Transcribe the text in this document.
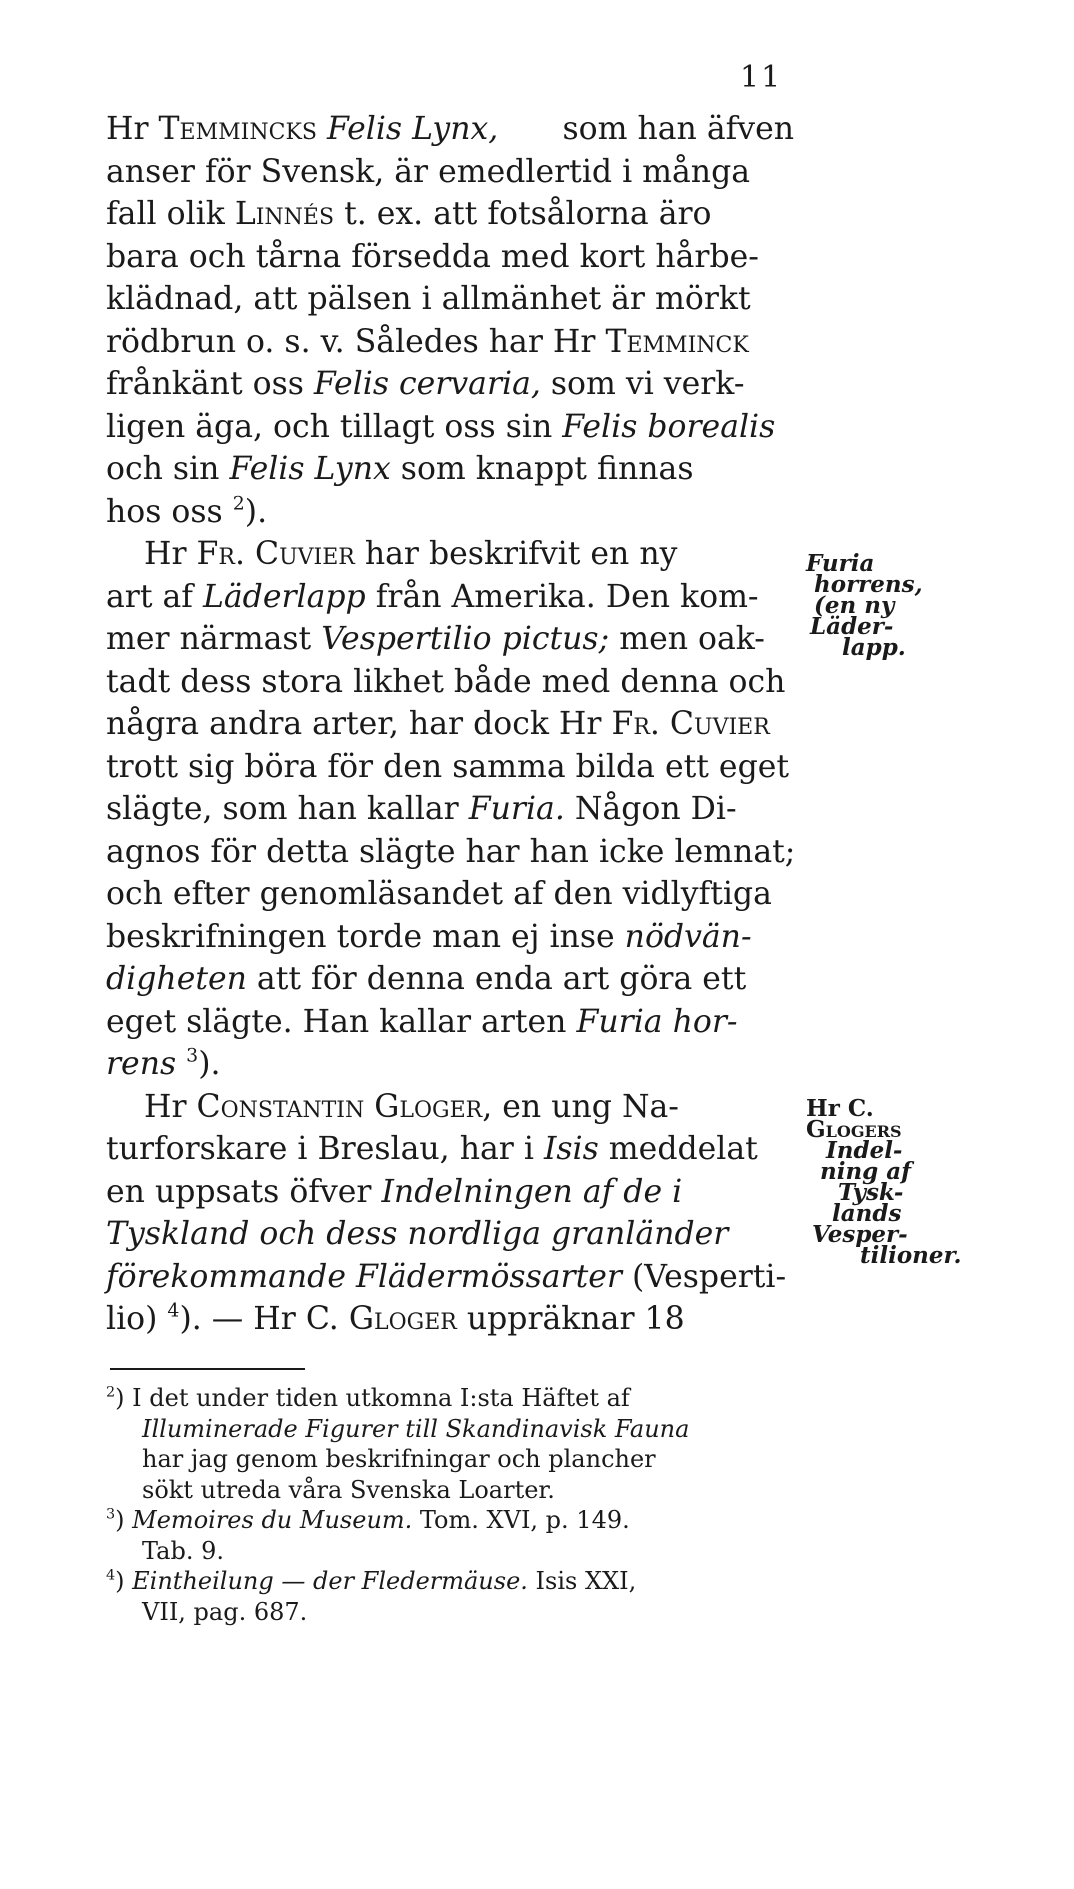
11
Hr Temmincks Felis Lynx, som han äfven
anser för Svensk, är emedlertid i många
fall olik Linnés t. ex. att fotsålorna äro
bara och tårna försedda med kort hårbe-
klädnad, att pälsen i allmänhet är mörkt
rödbrun o. s. v. Således har Hr Temminck
frånkänt oss Felis cervaria, som vi verk-
ligen äga, och tillagt oss sin Felis borealis
och sin Felis Lynx som knappt finnas
hos oss $^2$).
Hr Fr. Cuvier har beskrifvit en ny
art af Läderlapp från Amerika. Den kom-
mer närmast Vespertilio pictus; men oak-
tadt dess stora likhet både med denna och
några andra arter, har dock Hr Fr. Cuvier
trott sig böra för den samma bilda ett eget
slägte, som han kallar Furia. Någon Di-
agnos för detta slägte har han icke lemnat;
och efter genomläsandet af den vidlyftiga
beskrifningen torde man ej inse nödvän-
digheten att för denna enda art göra ett
eget slägte. Han kallar arten Furia hor-
rens $^3$).
Hr Constantin Gloger, en ung Na-
turforskare i Breslau, har i Isis meddelat
en uppsats öfver Indelningen af de i
Tyskland och dess nordliga granländer
förekommande Flädermössarter (Vesperti-
lio) $^4$). — Hr C. Gloger uppräknar 18
Furia
horrens,
(en ny
Läder-
lapp.
Hr C.
Glogers
Indel-
ning af
Tysk-
lands
Vesper-
tilioner.
$^2$) I det under tiden utkomna I:sta Häftet af
Illuminerade Figurer till Skandinavisk Fauna
har jag genom beskrifningar och plancher
sökt utreda våra Svenska Loarter.
$^3$) Memoires du Museum. Tom. XVI, p. 149.
Tab. 9.
$^4$) Eintheilung — der Fledermäuse. Isis XXI,
VII, pag. 687.
